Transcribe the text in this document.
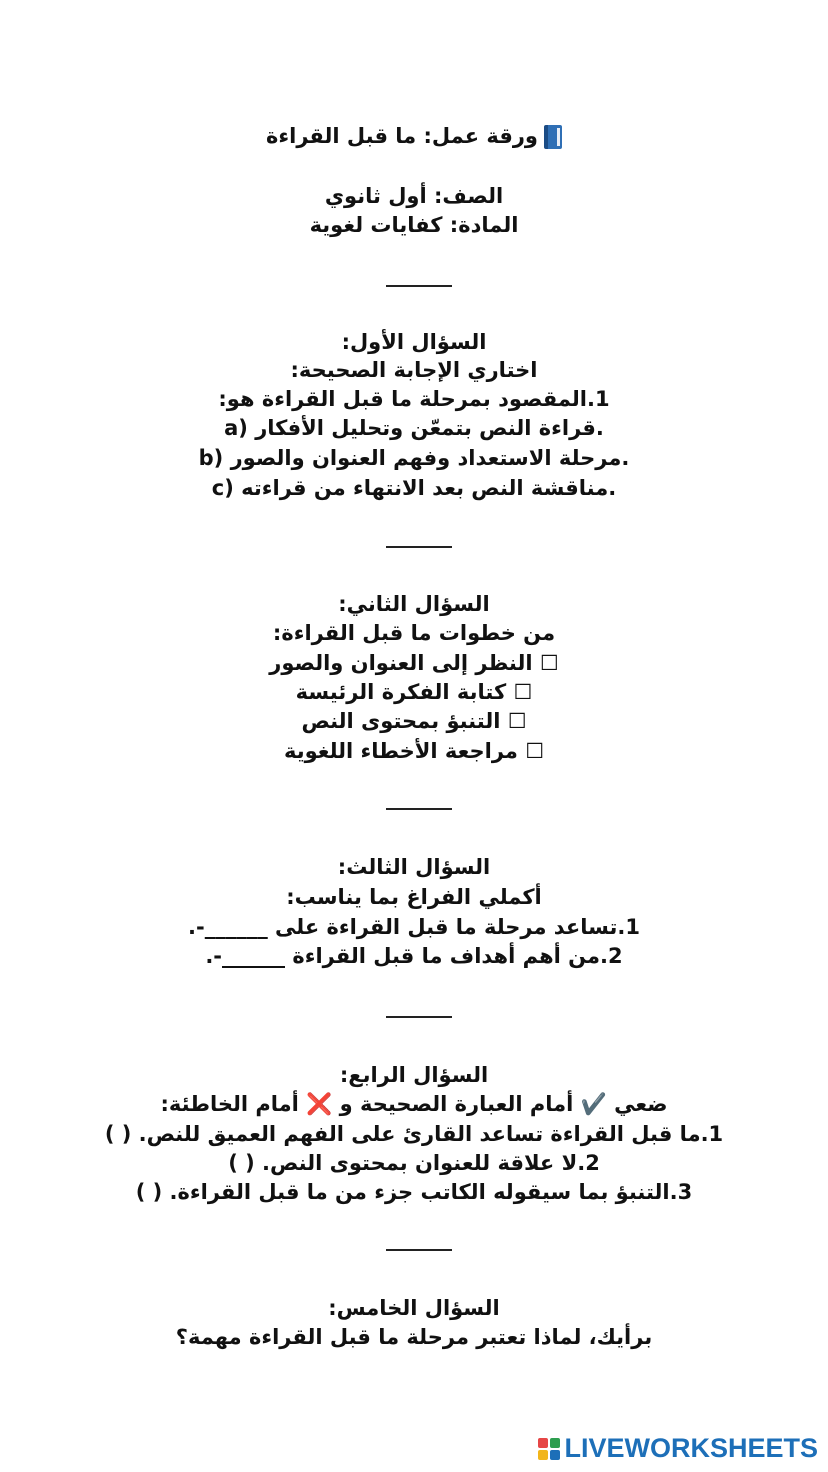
ورقة عمل: ما قبل القراءة
الصف: أول ثانوي
المادة: كفايات لغوية
السؤال الأول:
اختاري الإجابة الصحيحة:
1.المقصود بمرحلة ما قبل القراءة هو:
a) قراءة النص بتمعّن وتحليل الأفكار.
b) مرحلة الاستعداد وفهم العنوان والصور.
c) مناقشة النص بعد الانتهاء من قراءته.
السؤال الثاني:
من خطوات ما قبل القراءة:
☐ النظر إلى العنوان والصور
☐ كتابة الفكرة الرئيسة
☐ التنبؤ بمحتوى النص
☐ مراجعة الأخطاء اللغوية
السؤال الثالث:
أكملي الفراغ بما يناسب:
1.تساعد مرحلة ما قبل القراءة على ______-.
2.من أهم أهداف ما قبل القراءة ______-.
السؤال الرابع:
ضعي ✔️ أمام العبارة الصحيحة و ❌ أمام الخاطئة:
1.ما قبل القراءة تساعد القارئ على الفهم العميق للنص. ( )
2.لا علاقة للعنوان بمحتوى النص. ( )
3.التنبؤ بما سيقوله الكاتب جزء من ما قبل القراءة. ( )
السؤال الخامس:
برأيك، لماذا تعتبر مرحلة ما قبل القراءة مهمة؟
LIVEWORKSHEETS
